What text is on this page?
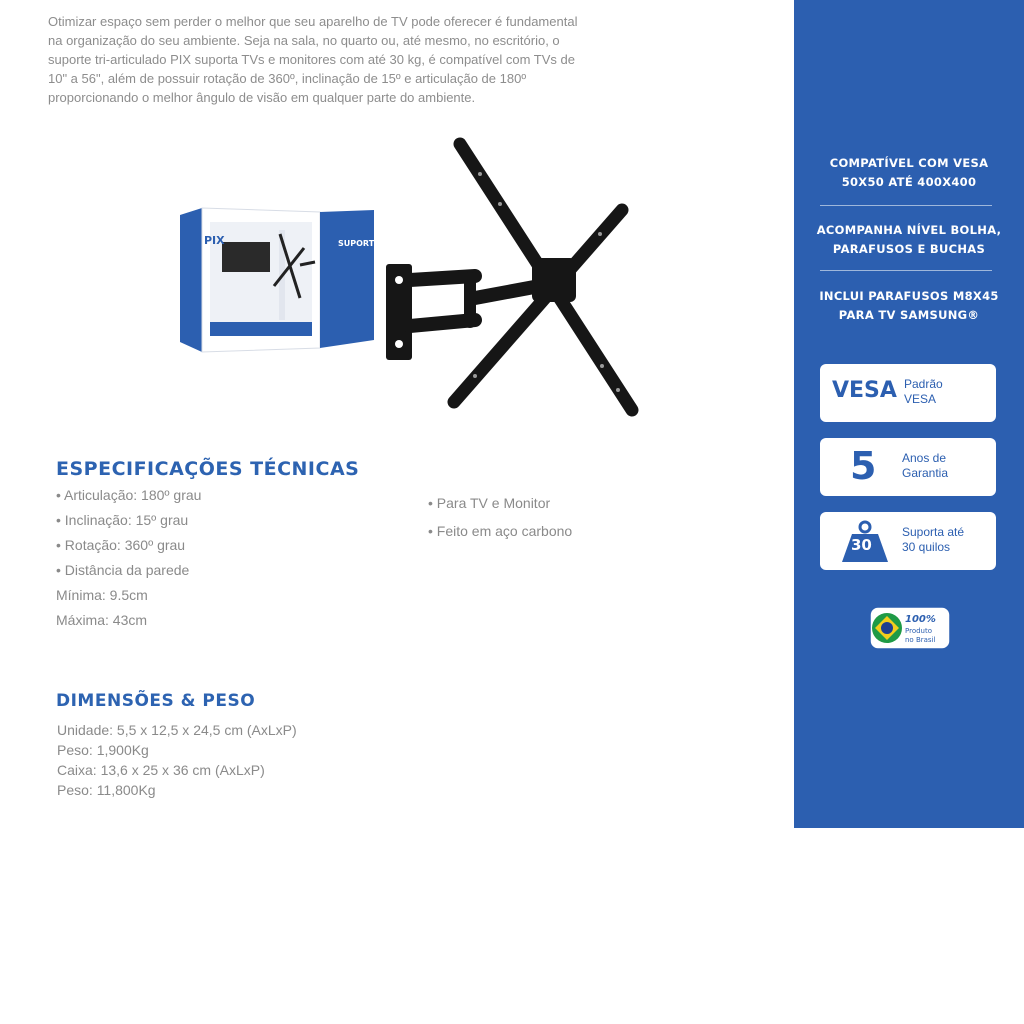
Otimizar espaço sem perder o melhor que seu aparelho de TV pode oferecer é fundamental
na organização do seu ambiente. Seja na sala, no quarto ou, até mesmo, no escritório, o
suporte tri-articulado PIX suporta TVs e monitores com até 30 kg, é compatível com TVs de
10" a 56", além de possuir rotação de 360º, inclinação de 15º e articulação de 180º
proporcionando o melhor ângulo de visão em qualquer parte do ambiente.
PIX	SUPORTE
ESPECIFICAÇÕES TÉCNICAS
• Articulação: 180º grau
• Inclinação: 15º grau
• Rotação: 360º grau
• Distância da parede
Mínima: 9.5cm
Máxima: 43cm
• Para TV e Monitor
• Feito em aço carbono
DIMENSÕES & PESO
Unidade: 5,5 x 12,5 x 24,5 cm (AxLxP)
Peso: 1,900Kg
Caixa: 13,6 x 25 x 36 cm (AxLxP)
Peso: 11,800Kg
COMPATÍVEL COM VESA
50X50 ATÉ 400X400
ACOMPANHA NÍVEL BOLHA,
PARAFUSOS E BUCHAS
INCLUI PARAFUSOS M8X45
PARA TV SAMSUNG®
VESA Padrão
VESA
5 Anos de
Garantia
30
Suporta até
30 quilos
100%
Produto
no Brasil
